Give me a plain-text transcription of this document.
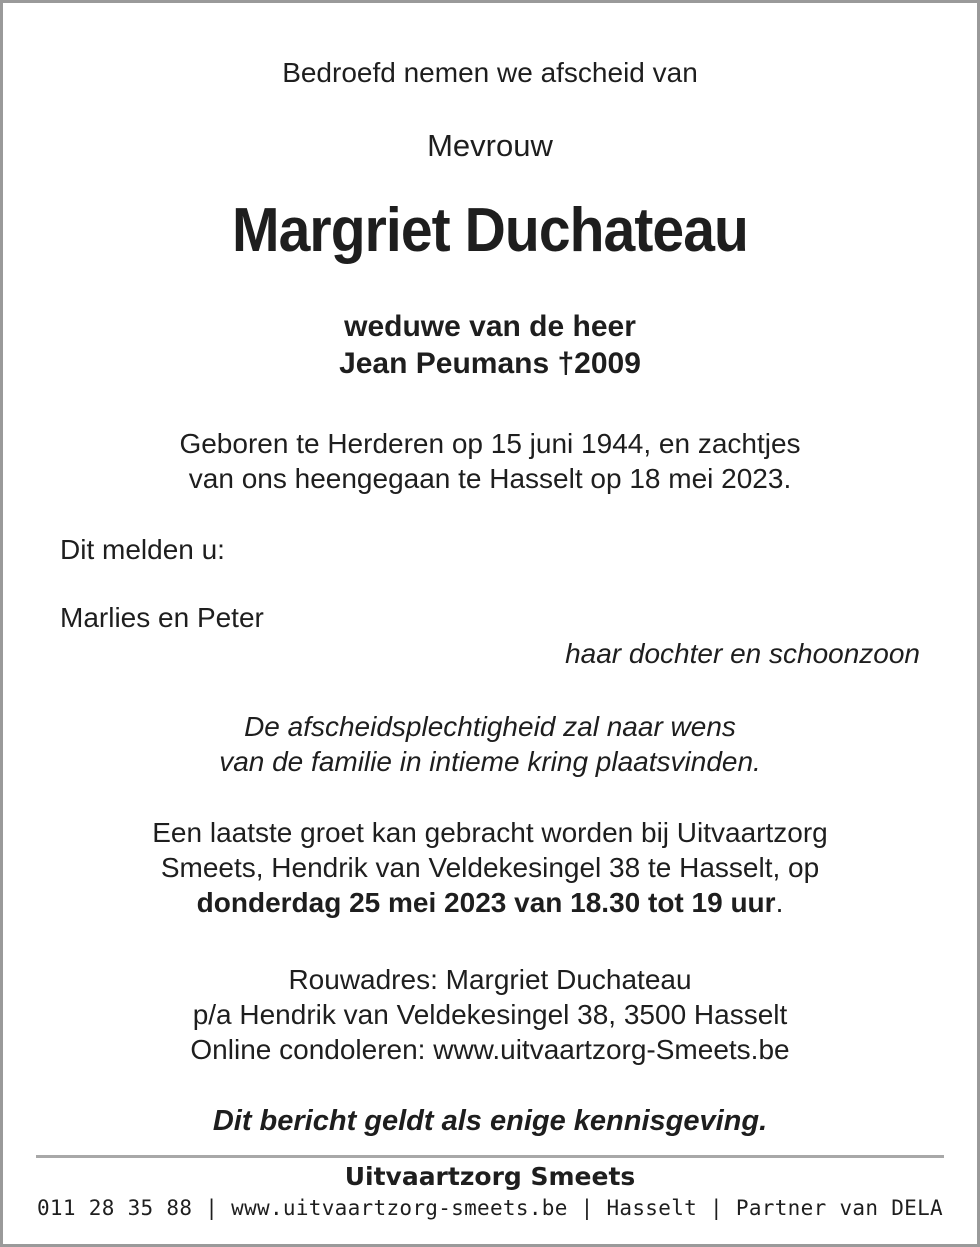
Bedroefd nemen we afscheid van
Mevrouw
Margriet Duchateau
weduwe van de heer
Jean Peumans †2009
Geboren te Herderen op 15 juni 1944, en zachtjes
van ons heengegaan te Hasselt op 18 mei 2023.
Dit melden u:
Marlies en Peter
haar dochter en schoonzoon
De afscheidsplechtigheid zal naar wens
van de familie in intieme kring plaatsvinden.
Een laatste groet kan gebracht worden bij Uitvaartzorg
Smeets, Hendrik van Veldekesingel 38 te Hasselt, op
donderdag 25 mei 2023 van 18.30 tot 19 uur.
Rouwadres: Margriet Duchateau
p/a Hendrik van Veldekesingel 38, 3500 Hasselt
Online condoleren: www.uitvaartzorg-Smeets.be
Dit bericht geldt als enige kennisgeving.
Uitvaartzorg Smeets
011 28 35 88 | www.uitvaartzorg-smeets.be | Hasselt | Partner van DELA
